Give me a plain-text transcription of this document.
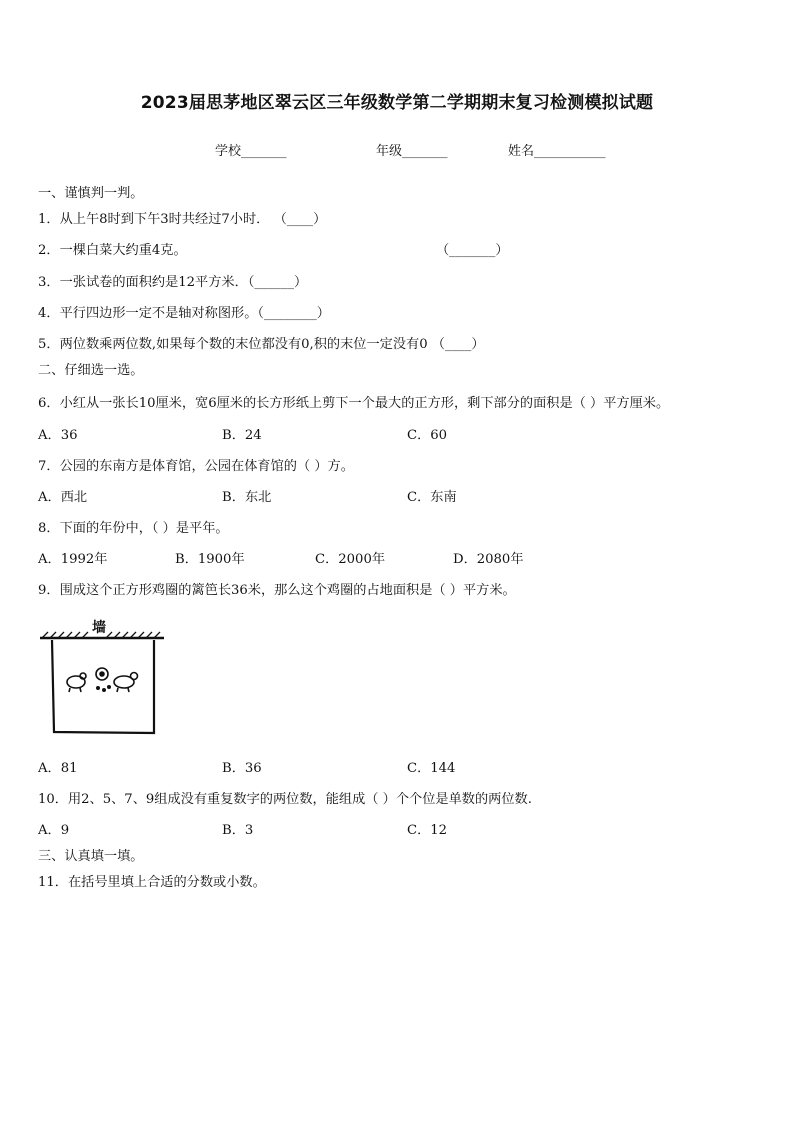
2023届思茅地区翠云区三年级数学第二学期期末复习检测模拟试题
学校_______	年级_______	姓名___________
一、谨慎判一判。
1．从上午8时到下午3时共经过7小时． （____）
2．一棵白菜大约重4克。	（_______）
3．一张试卷的面积约是12平方米．（______）
4．平行四边形一定不是轴对称图形。（________）
5．两位数乘两位数,如果每个数的末位都没有0,积的末位一定没有0 （____）
二、仔细选一选。
6．小红从一张长10厘米，宽6厘米的长方形纸上剪下一个最大的正方形，剩下部分的面积是（ ）平方厘米。
A．36	B．24	C．60
7．公园的东南方是体育馆，公园在体育馆的（ ）方。
A．西北	B．东北	C．东南
8．下面的年份中，（ ）是平年。
A．1992年	B．1900年	C．2000年	D．2080年
9．围成这个正方形鸡圈的篱笆长36米，那么这个鸡圈的占地面积是（ ）平方米。
墙
A．81	B．36	C．144
10．用2、5、7、9组成没有重复数字的两位数，能组成（ ）个个位是单数的两位数.
A．9	B．3	C．12
三、认真填一填。
11．在括号里填上合适的分数或小数。
